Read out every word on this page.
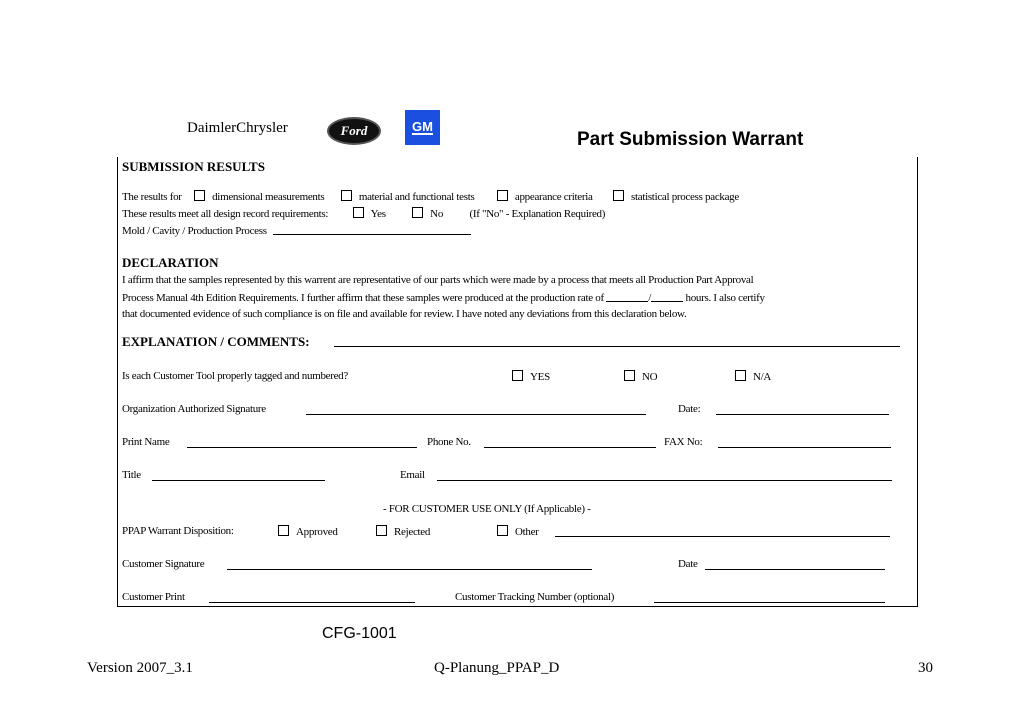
DaimlerChrysler	Ford	GM
Part Submission Warrant
SUBMISSION RESULTS
The results for	dimensional measurements	material and functional tests	appearance criteria	statistical process package
These results meet all design record requirements:	Yes	No (If "No" - Explanation Required)
Mold / Cavity / Production Process
DECLARATION
I affirm that the samples represented by this warrent are representative of our parts which were made by a process that meets all Production Part Approval
Process Manual 4th Edition Requirements. I further affirm that these samples were produced at the production rate of	/	hours. I also certify
that documented evidence of such compliance is on file and available for review. I have noted any deviations from this declaration below.
EXPLANATION / COMMENTS:
Is each Customer Tool properly tagged and numbered?	YES	NO	N/A
Organization Authorized Signature	Date:
Print Name	Phone No.	FAX No:
Title	Email
- FOR CUSTOMER USE ONLY (If Applicable) -
PPAP Warrant Disposition:	Approved	Rejected	Other
Customer Signature	Date
Customer Print	Customer Tracking Number (optional)
CFG-1001
Version 2007_3.1	Q-Planung_PPAP_D	30
